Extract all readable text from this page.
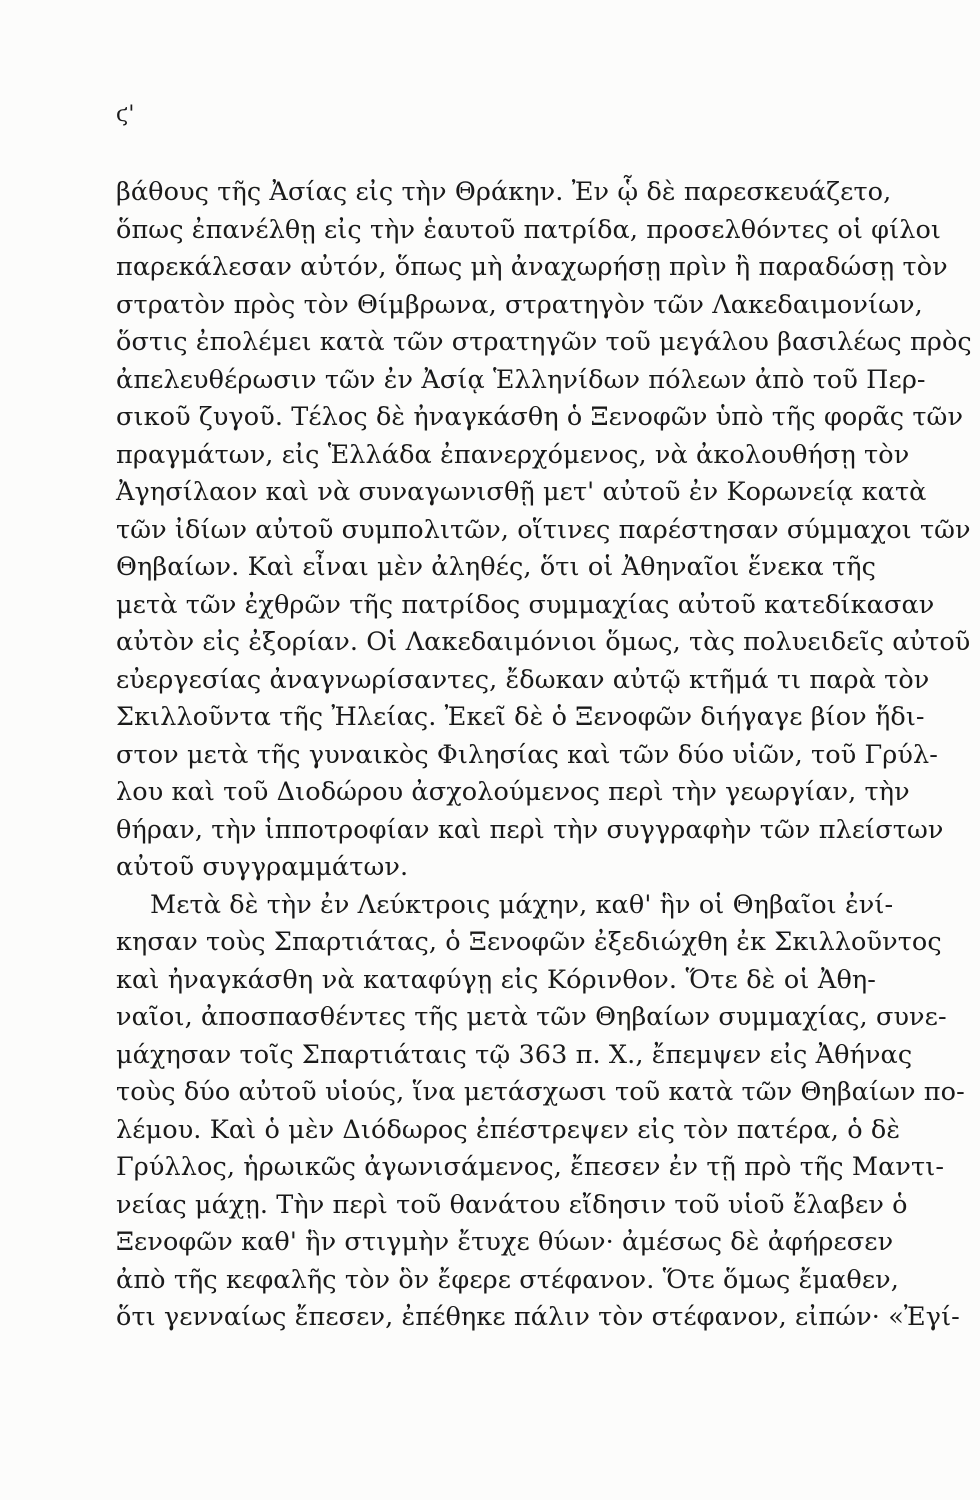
ϛ'
βάθους τῆς Ἀσίας εἰς τὴν Θράκην. Ἐν ᾧ δὲ παρεσκευάζετο,
ὅπως ἐπανέλθῃ εἰς τὴν ἑαυτοῦ πατρίδα, προσελθόντες οἱ φίλοι
παρεκάλεσαν αὐτόν, ὅπως μὴ ἀναχωρήσῃ πρὶν ἢ παραδώσῃ τὸν
στρατὸν πρὸς τὸν Θίμβρωνα, στρατηγὸν τῶν Λακεδαιμονίων,
ὅστις ἐπολέμει κατὰ τῶν στρατηγῶν τοῦ μεγάλου βασιλέως πρὸς
ἀπελευθέρωσιν τῶν ἐν Ἀσίᾳ Ἑλληνίδων πόλεων ἀπὸ τοῦ Περ-
σικοῦ ζυγοῦ. Τέλος δὲ ἠναγκάσθη ὁ Ξενοφῶν ὑπὸ τῆς φορᾶς τῶν
πραγμάτων, εἰς Ἑλλάδα ἐπανερχόμενος, νὰ ἀκολουθήσῃ τὸν
Ἀγησίλαον καὶ νὰ συναγωνισθῇ μετ' αὐτοῦ ἐν Κορωνείᾳ κατὰ
τῶν ἰδίων αὐτοῦ συμπολιτῶν, οἵτινες παρέστησαν σύμμαχοι τῶν
Θηβαίων. Καὶ εἶναι μὲν ἀληθές, ὅτι οἱ Ἀθηναῖοι ἕνεκα τῆς
μετὰ τῶν ἐχθρῶν τῆς πατρίδος συμμαχίας αὐτοῦ κατεδίκασαν
αὐτὸν εἰς ἐξορίαν. Οἱ Λακεδαιμόνιοι ὅμως, τὰς πολυειδεῖς αὐτοῦ
εὐεργεσίας ἀναγνωρίσαντες, ἔδωκαν αὐτῷ κτῆμά τι παρὰ τὸν
Σκιλλοῦντα τῆς Ἠλείας. Ἐκεῖ δὲ ὁ Ξενοφῶν διήγαγε βίον ἥδι-
στον μετὰ τῆς γυναικὸς Φιλησίας καὶ τῶν δύο υἱῶν, τοῦ Γρύλ-
λου καὶ τοῦ Διοδώρου ἀσχολούμενος περὶ τὴν γεωργίαν, τὴν
θήραν, τὴν ἱπποτροφίαν καὶ περὶ τὴν συγγραφὴν τῶν πλείστων
αὐτοῦ συγγραμμάτων.
Μετὰ δὲ τὴν ἐν Λεύκτροις μάχην, καθ' ἣν οἱ Θηβαῖοι ἐνί-
κησαν τοὺς Σπαρτιάτας, ὁ Ξενοφῶν ἐξεδιώχθη ἐκ Σκιλλοῦντος
καὶ ἠναγκάσθη νὰ καταφύγῃ εἰς Κόρινθον. Ὅτε δὲ οἱ Ἀθη-
ναῖοι, ἀποσπασθέντες τῆς μετὰ τῶν Θηβαίων συμμαχίας, συνε-
μάχησαν τοῖς Σπαρτιάταις τῷ 363 π. Χ., ἔπεμψεν εἰς Ἀθήνας
τοὺς δύο αὐτοῦ υἱούς, ἵνα μετάσχωσι τοῦ κατὰ τῶν Θηβαίων πο-
λέμου. Καὶ ὁ μὲν Διόδωρος ἐπέστρεψεν εἰς τὸν πατέρα, ὁ δὲ
Γρύλλος, ἡρωικῶς ἀγωνισάμενος, ἔπεσεν ἐν τῇ πρὸ τῆς Μαντι-
νείας μάχῃ. Τὴν περὶ τοῦ θανάτου εἴδησιν τοῦ υἱοῦ ἔλαβεν ὁ
Ξενοφῶν καθ' ἣν στιγμὴν ἔτυχε θύων· ἀμέσως δὲ ἀφήρεσεν
ἀπὸ τῆς κεφαλῆς τὸν ὃν ἔφερε στέφανον. Ὅτε ὅμως ἔμαθεν,
ὅτι γενναίως ἔπεσεν, ἐπέθηκε πάλιν τὸν στέφανον, εἰπών· «Ἐγί-
